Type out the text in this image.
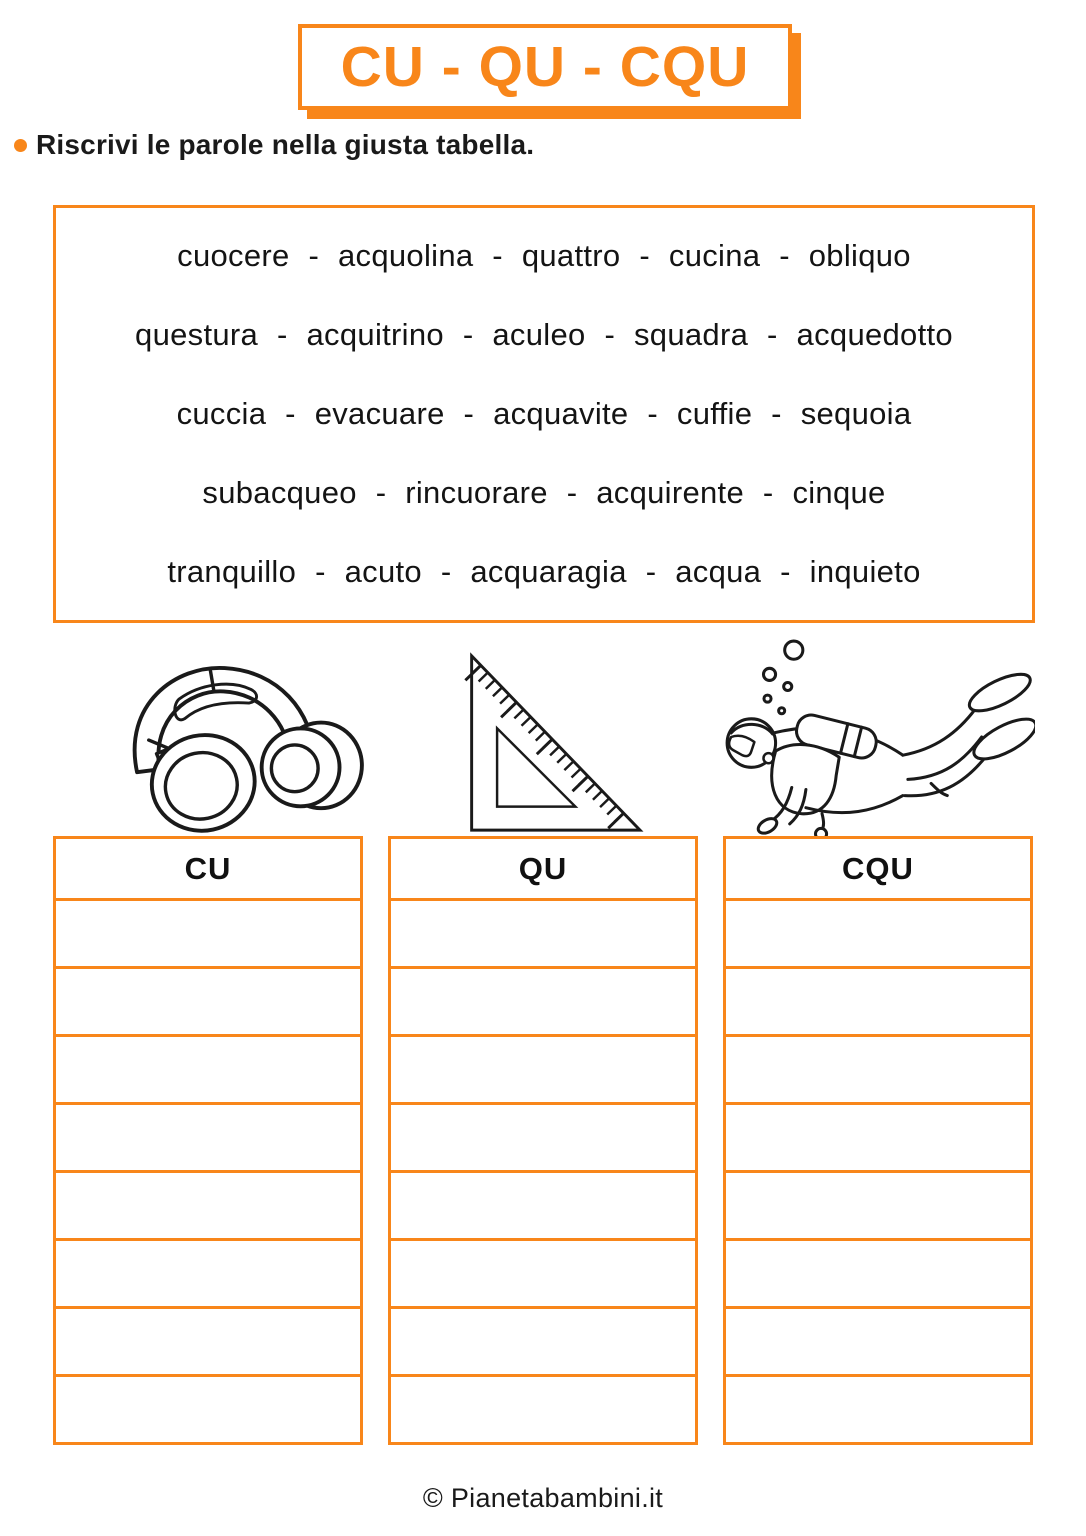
CU - QU - CQU
Riscrivi le parole nella giusta tabella.
cuocere - acquolina - quattro - cucina - obliquo
questura - acquitrino - aculeo - squadra - acquedotto
cuccia - evacuare - acquavite - cuffie - sequoia
subacqueo - rincuorare - acquirente - cinque
tranquillo - acuto - acquaragia - acqua - inquieto
CU	QU	CQU
© Pianetabambini.it
